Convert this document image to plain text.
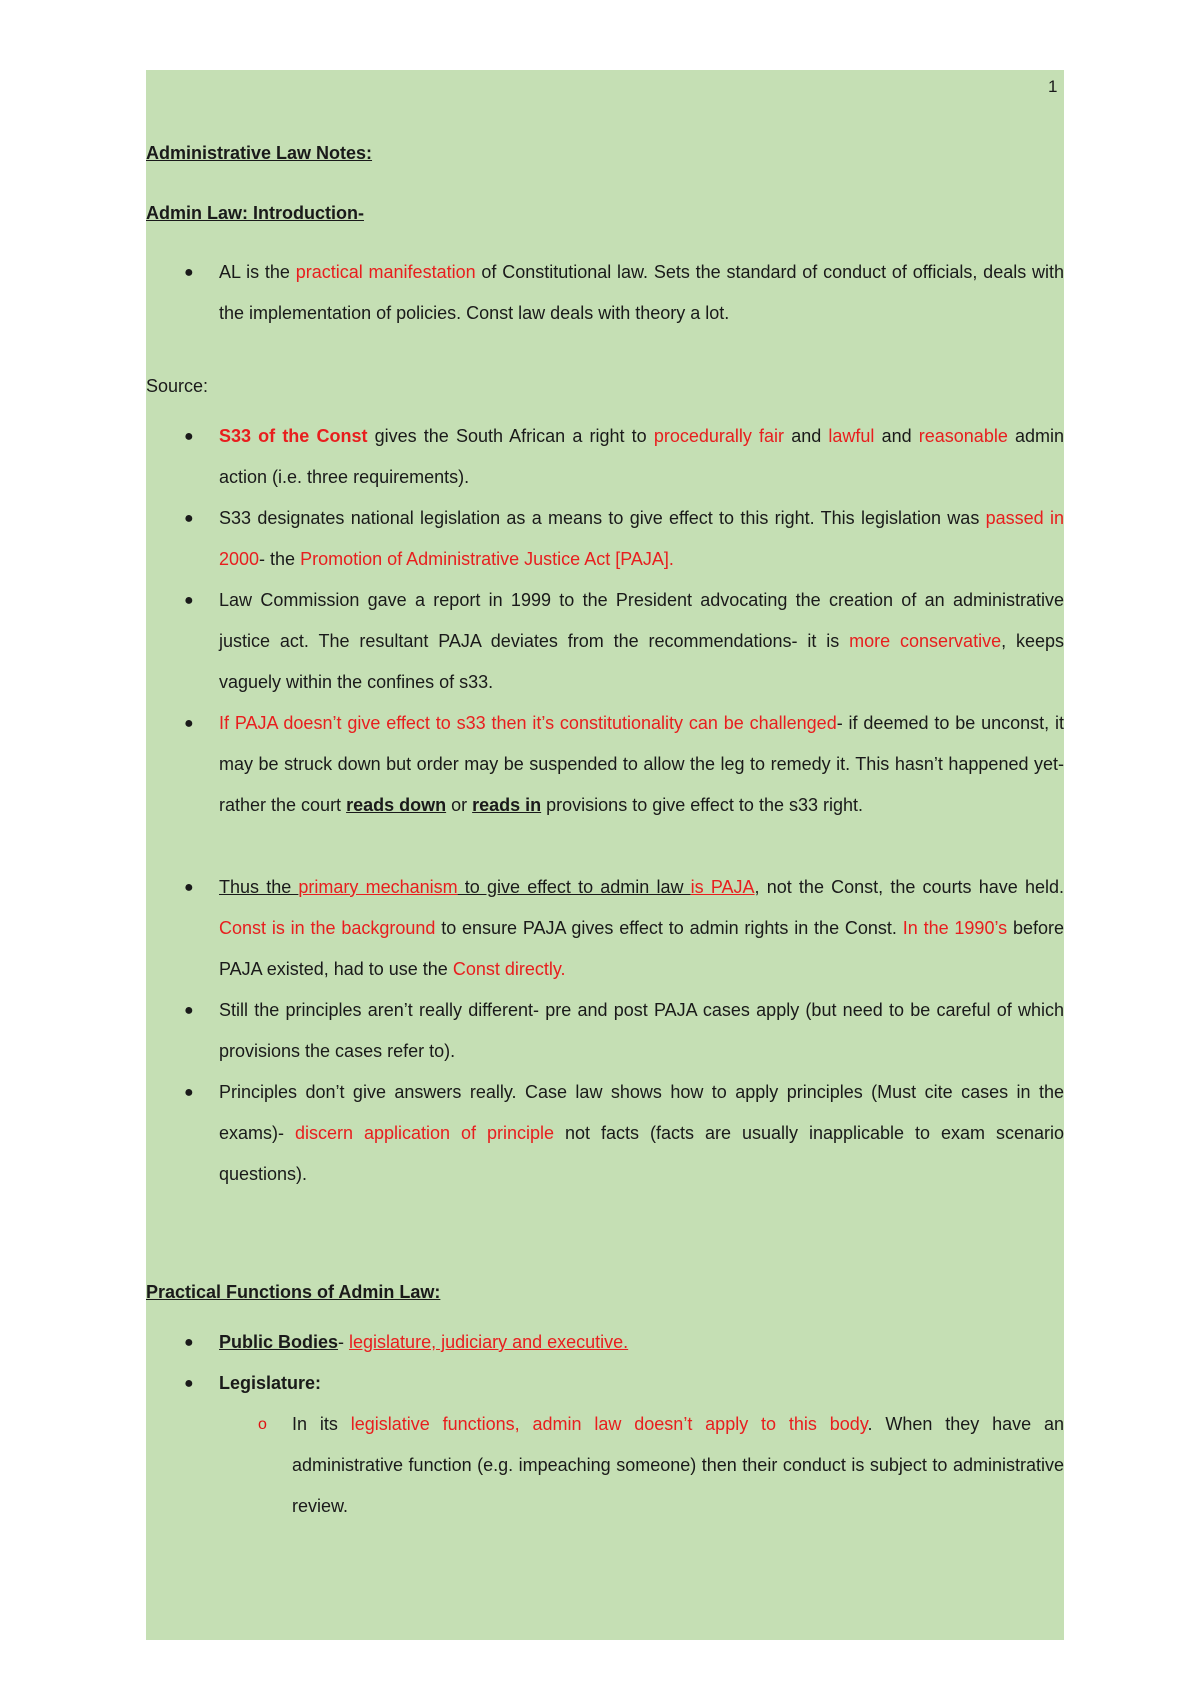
1

Administrative Law Notes:

Admin Law: Introduction-

● AL is the practical manifestation of Constitutional law. Sets the standard of conduct of officials, deals with the implementation of policies. Const law deals with theory a lot.

Source:

● S33 of the Const gives the South African a right to procedurally fair and lawful and reasonable admin action (i.e. three requirements).
● S33 designates national legislation as a means to give effect to this right. This legislation was passed in 2000- the Promotion of Administrative Justice Act [PAJA].
● Law Commission gave a report in 1999 to the President advocating the creation of an administrative justice act. The resultant PAJA deviates from the recommendations- it is more conservative, keeps vaguely within the confines of s33.
● If PAJA doesn’t give effect to s33 then it’s constitutionality can be challenged- if deemed to be unconst, it may be struck down but order may be suspended to allow the leg to remedy it. This hasn’t happened yet- rather the court reads down or reads in provisions to give effect to the s33 right.
● Thus the primary mechanism to give effect to admin law is PAJA, not the Const, the courts have held. Const is in the background to ensure PAJA gives effect to admin rights in the Const. In the 1990’s before PAJA existed, had to use the Const directly.
● Still the principles aren’t really different- pre and post PAJA cases apply (but need to be careful of which provisions the cases refer to).
● Principles don’t give answers really. Case law shows how to apply principles (Must cite cases in the exams)- discern application of principle not facts (facts are usually inapplicable to exam scenario questions).

Practical Functions of Admin Law:

● Public Bodies- legislature, judiciary and executive.
● Legislature:
o In its legislative functions, admin law doesn’t apply to this body. When they have an administrative function (e.g. impeaching someone) then their conduct is subject to administrative review.
